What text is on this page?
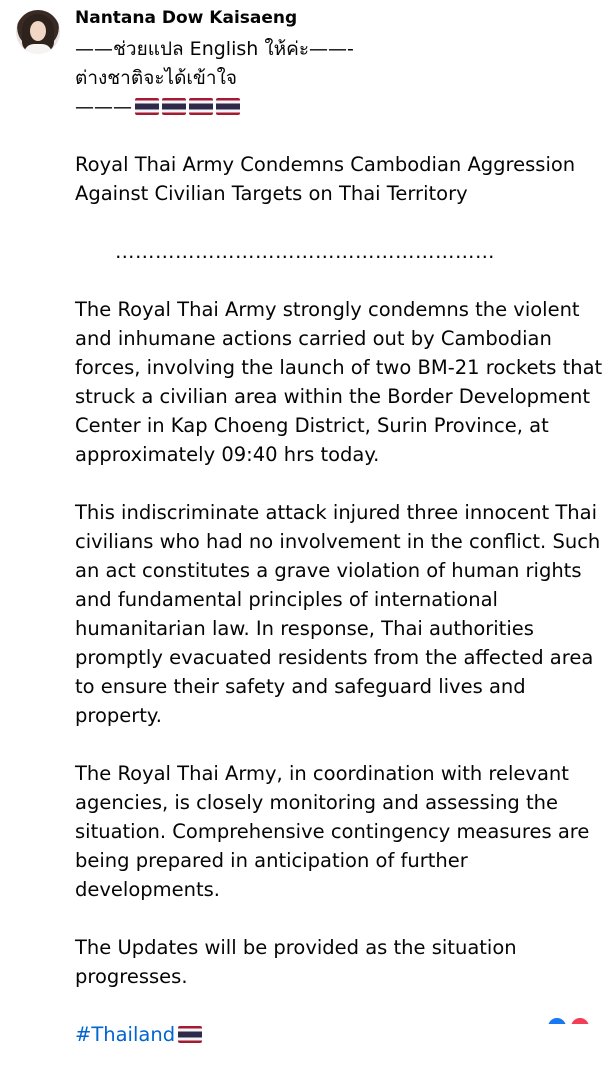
Nantana Dow Kaisaeng
——ช่วยแปล English ให้ค่ะ——-
ต่างชาติจะได้เข้าใจ
———

Royal Thai Army Condemns Cambodian Aggression
Against Civilian Targets on Thai Territory

…………………………………………………

The Royal Thai Army strongly condemns the violent and inhumane actions carried out by Cambodian forces, involving the launch of two BM-21 rockets that struck a civilian area within the Border Development Center in Kap Choeng District, Surin Province, at approximately 09:40 hrs today.

This indiscriminate attack injured three innocent Thai civilians who had no involvement in the conflict. Such an act constitutes a grave violation of human rights and fundamental principles of international humanitarian law. In response, Thai authorities promptly evacuated residents from the affected area to ensure their safety and safeguard lives and property.

The Royal Thai Army, in coordination with relevant agencies, is closely monitoring and assessing the situation. Comprehensive contingency measures are being prepared in anticipation of further developments.

The Updates will be provided as the situation progresses.

#Thailand
